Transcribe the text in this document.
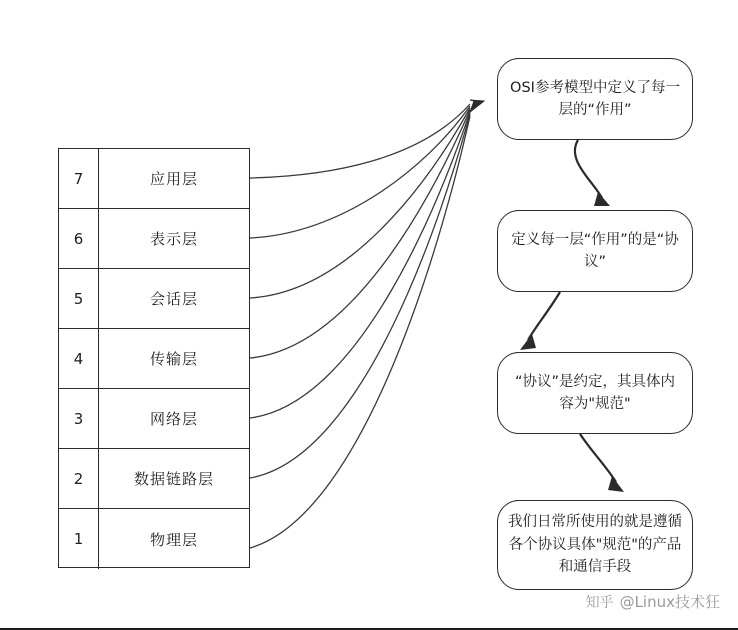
7	应用层
6	表示层
5	会话层
4	传输层
3	网络层
2	数据链路层
1	物理层
OSI参考模型中定义了每一层的“作用”
定义每一层“作用”的是“协议”
“协议”是约定，其具体内容为"规范"
我们日常所使用的就是遵循各个协议具体"规范"的产品和通信手段
知乎 @Linux技术狂
